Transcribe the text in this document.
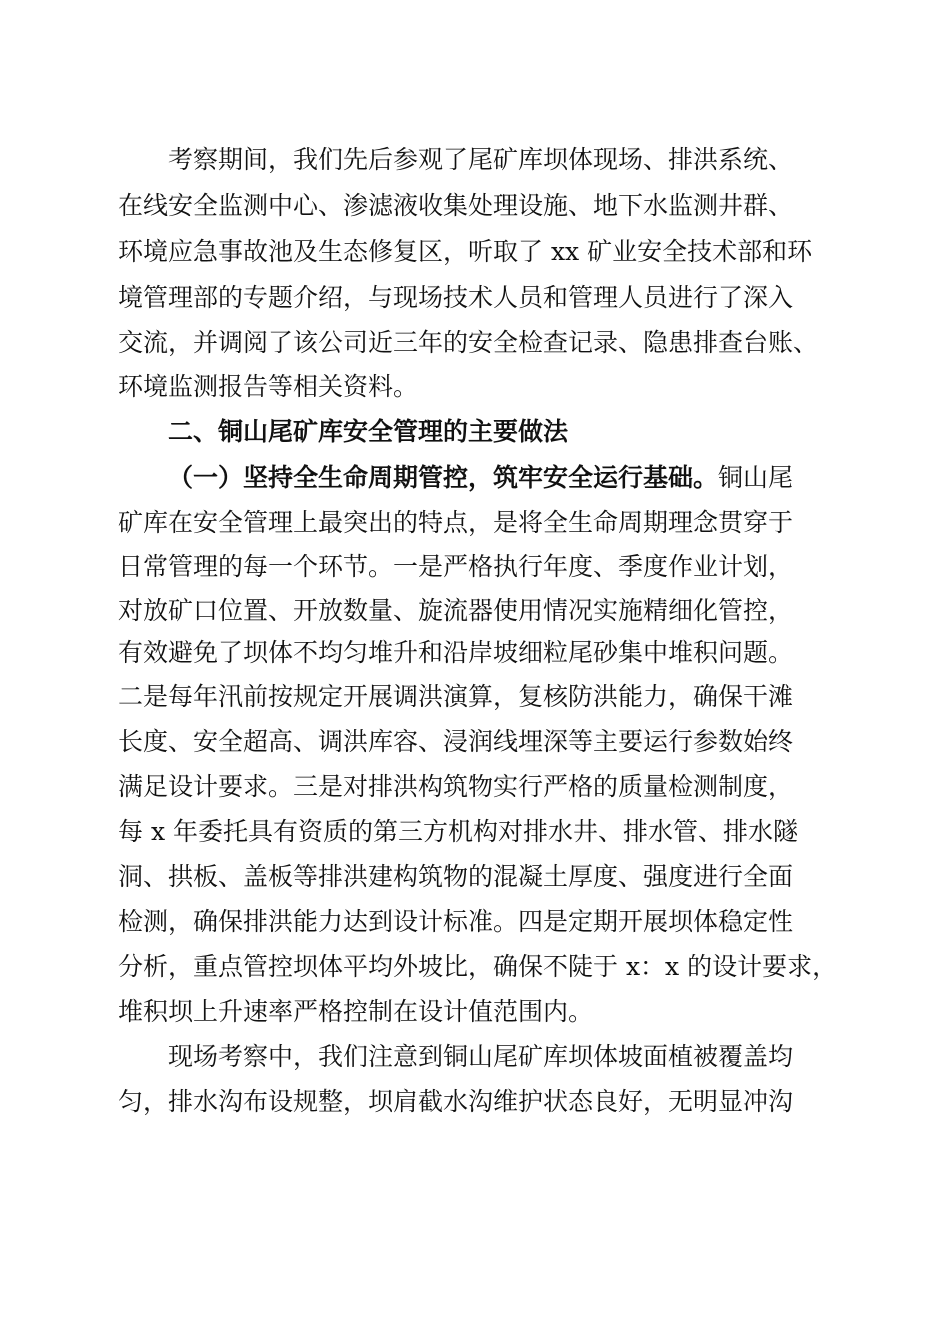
考察期间，我们先后参观了尾矿库坝体现场、排洪系统、
在线安全监测中心、渗滤液收集处理设施、地下水监测井群、
环境应急事故池及生态修复区，听取了 xx 矿业安全技术部和环
境管理部的专题介绍，与现场技术人员和管理人员进行了深入
交流，并调阅了该公司近三年的安全检查记录、隐患排查台账、
环境监测报告等相关资料。
二、铜山尾矿库安全管理的主要做法
（一）坚持全生命周期管控，筑牢安全运行基础。铜山尾
矿库在安全管理上最突出的特点，是将全生命周期理念贯穿于
日常管理的每一个环节。一是严格执行年度、季度作业计划，
对放矿口位置、开放数量、旋流器使用情况实施精细化管控，
有效避免了坝体不均匀堆升和沿岸坡细粒尾砂集中堆积问题。
二是每年汛前按规定开展调洪演算，复核防洪能力，确保干滩
长度、安全超高、调洪库容、浸润线埋深等主要运行参数始终
满足设计要求。三是对排洪构筑物实行严格的质量检测制度，
每 x 年委托具有资质的第三方机构对排水井、排水管、排水隧
洞、拱板、盖板等排洪建构筑物的混凝土厚度、强度进行全面
检测，确保排洪能力达到设计标准。四是定期开展坝体稳定性
分析，重点管控坝体平均外坡比，确保不陡于 x：x 的设计要求，
堆积坝上升速率严格控制在设计值范围内。
现场考察中，我们注意到铜山尾矿库坝体坡面植被覆盖均
匀，排水沟布设规整，坝肩截水沟维护状态良好，无明显冲沟
